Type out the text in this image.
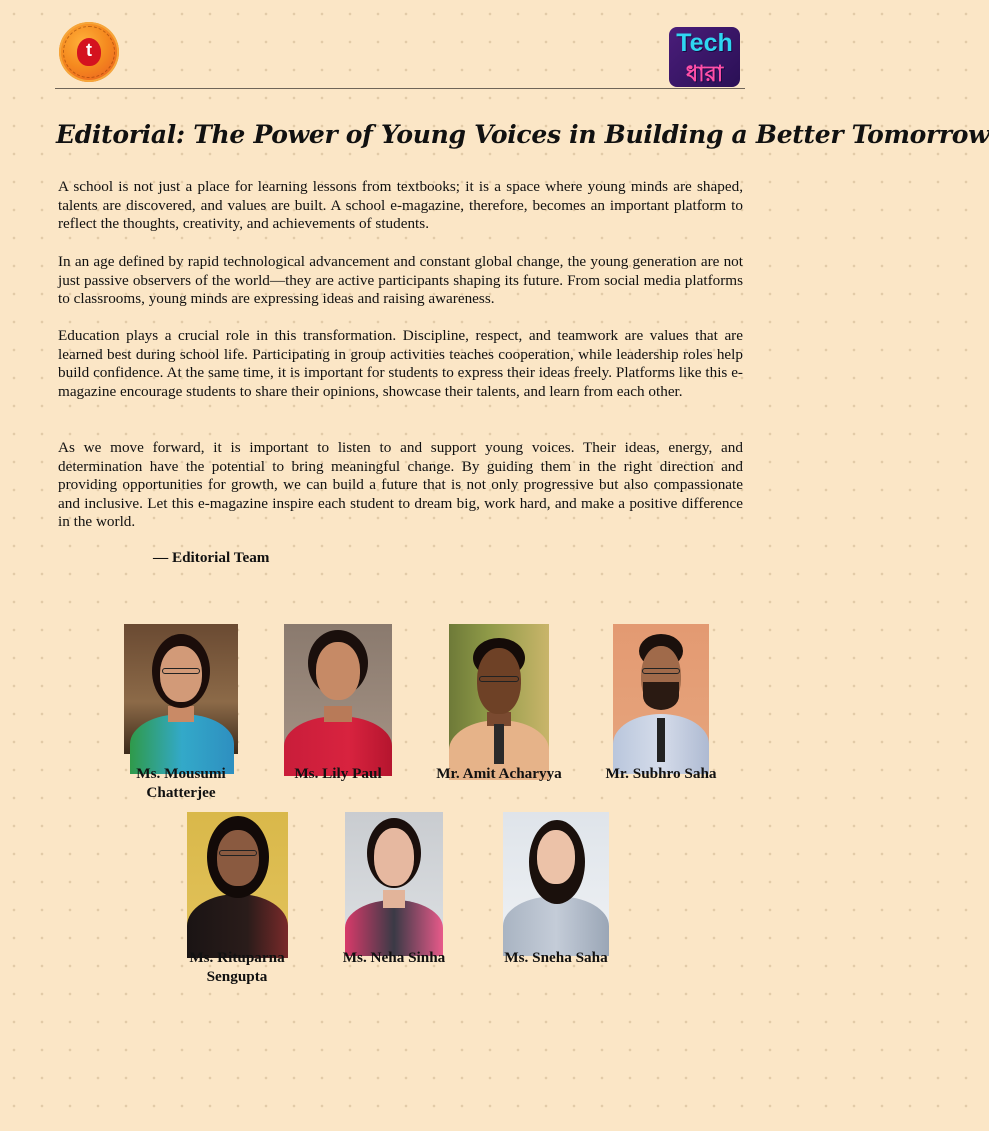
t	Tech
ধারা
Editorial: The Power of Young Voices in Building a Better Tomorrow

A school is not just a place for learning lessons from textbooks; it is a space where young minds are shaped, talents are discovered, and values are built. A school e-magazine, therefore, becomes an important platform to reflect the thoughts, creativity, and achievements of students.

In an age defined by rapid technological advancement and constant global change, the young generation are not just passive observers of the world—they are active participants shaping its future. From social media platforms to classrooms, young minds are expressing ideas and raising awareness.

Education plays a crucial role in this transformation. Discipline, respect, and teamwork are values that are learned best during school life. Participating in group activities teaches cooperation, while leadership roles help build confidence. At the same time, it is important for students to express their ideas freely. Platforms like this e-magazine encourage students to share their opinions, showcase their talents, and learn from each other.

As we move forward, it is important to listen to and support young voices. Their ideas, energy, and determination have the potential to bring meaningful change. By guiding them in the right direction and providing opportunities for growth, we can build a future that is not only progressive but also compassionate and inclusive. Let this e-magazine inspire each student to dream big, work hard, and make a positive difference in the world.

— Editorial Team
Ms. Mousumi
Chatterjee
Ms. Lily Paul	Mr. Amit Acharyya	Mr. Subhro Saha
Ms. Rituparna
Sengupta
Ms. Neha Sinha	Ms. Sneha Saha
